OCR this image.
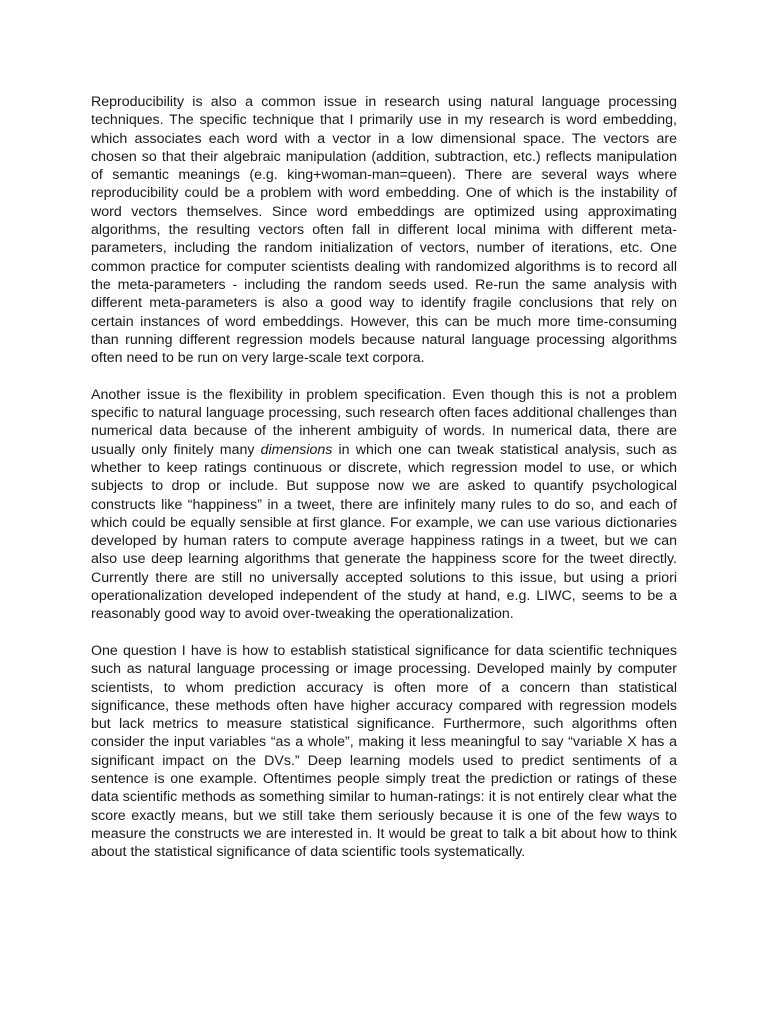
Reproducibility is also a common issue in research using natural language processing techniques. The specific technique that I primarily use in my research is word embedding, which associates each word with a vector in a low dimensional space. The vectors are chosen so that their algebraic manipulation (addition, subtraction, etc.) reflects manipulation of semantic meanings (e.g. king+woman-man=queen). There are several ways where reproducibility could be a problem with word embedding. One of which is the instability of word vectors themselves. Since word embeddings are optimized using approximating algorithms, the resulting vectors often fall in different local minima with different meta-parameters, including the random initialization of vectors, number of iterations, etc. One common practice for computer scientists dealing with randomized algorithms is to record all the meta-parameters - including the random seeds used. Re-run the same analysis with different meta-parameters is also a good way to identify fragile conclusions that rely on certain instances of word embeddings. However, this can be much more time-consuming than running different regression models because natural language processing algorithms often need to be run on very large-scale text corpora.

Another issue is the flexibility in problem specification. Even though this is not a problem specific to natural language processing, such research often faces additional challenges than numerical data because of the inherent ambiguity of words. In numerical data, there are usually only finitely many dimensions in which one can tweak statistical analysis, such as whether to keep ratings continuous or discrete, which regression model to use, or which subjects to drop or include. But suppose now we are asked to quantify psychological constructs like “happiness” in a tweet, there are infinitely many rules to do so, and each of which could be equally sensible at first glance. For example, we can use various dictionaries developed by human raters to compute average happiness ratings in a tweet, but we can also use deep learning algorithms that generate the happiness score for the tweet directly. Currently there are still no universally accepted solutions to this issue, but using a priori operationalization developed independent of the study at hand, e.g. LIWC, seems to be a reasonably good way to avoid over-tweaking the operationalization.

One question I have is how to establish statistical significance for data scientific techniques such as natural language processing or image processing. Developed mainly by computer scientists, to whom prediction accuracy is often more of a concern than statistical significance, these methods often have higher accuracy compared with regression models but lack metrics to measure statistical significance. Furthermore, such algorithms often consider the input variables “as a whole”, making it less meaningful to say “variable X has a significant impact on the DVs.” Deep learning models used to predict sentiments of a sentence is one example. Oftentimes people simply treat the prediction or ratings of these data scientific methods as something similar to human-ratings: it is not entirely clear what the score exactly means, but we still take them seriously because it is one of the few ways to measure the constructs we are interested in. It would be great to talk a bit about how to think about the statistical significance of data scientific tools systematically.
